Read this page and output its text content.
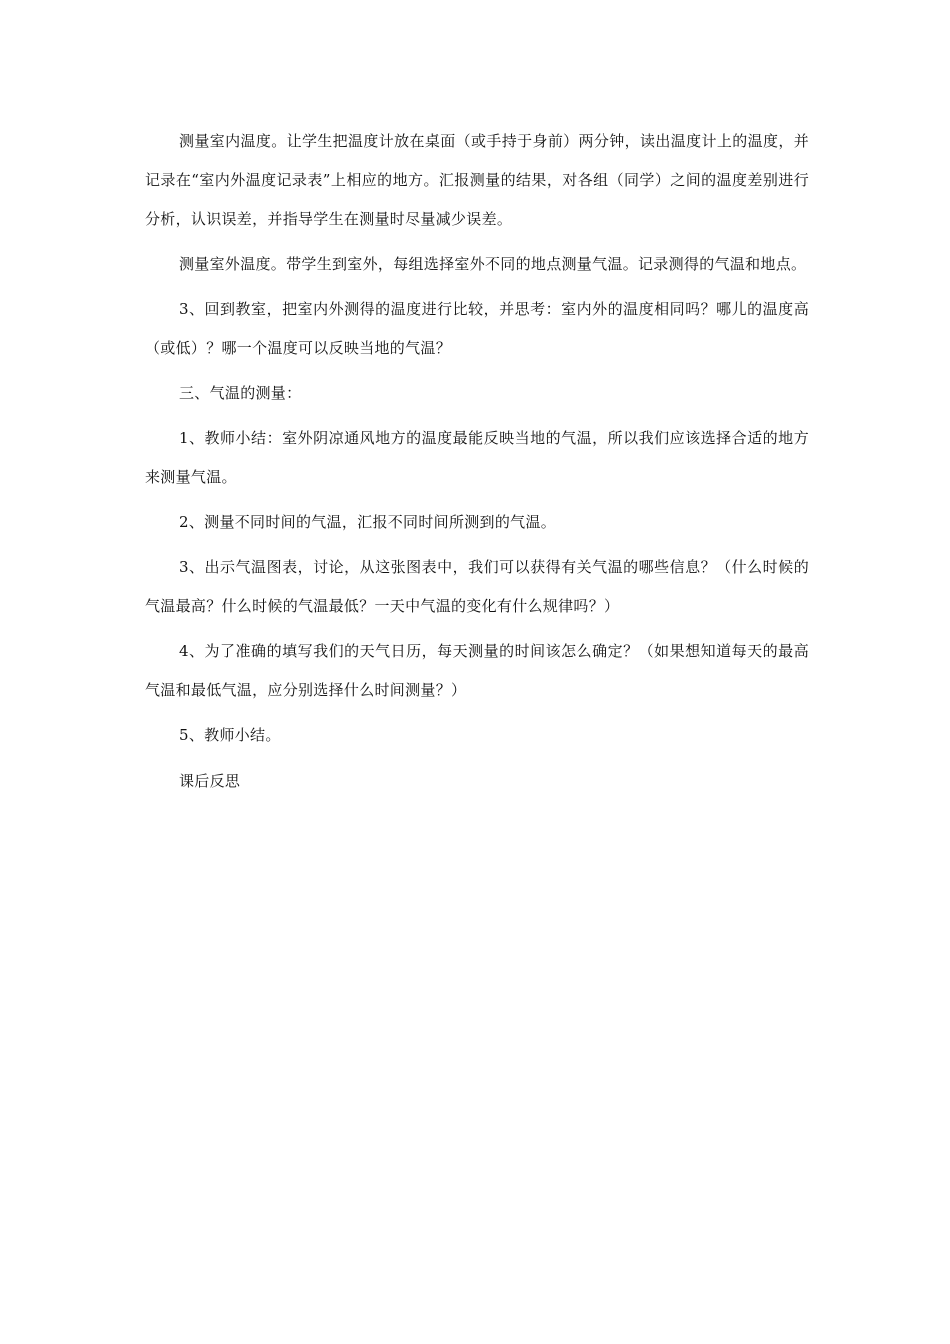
测量室内温度。让学生把温度计放在桌面（或手持于身前）两分钟，读出温度计上的温度，并记录在“室内外温度记录表”上相应的地方。汇报测量的结果，对各组（同学）之间的温度差别进行分析，认识误差，并指导学生在测量时尽量减少误差。

测量室外温度。带学生到室外，每组选择室外不同的地点测量气温。记录测得的气温和地点。

3、回到教室，把室内外测得的温度进行比较，并思考：室内外的温度相同吗？哪儿的温度高（或低）？哪一个温度可以反映当地的气温？

三、气温的测量：

1、教师小结：室外阴凉通风地方的温度最能反映当地的气温，所以我们应该选择合适的地方来测量气温。

2、测量不同时间的气温，汇报不同时间所测到的气温。

3、出示气温图表，讨论，从这张图表中，我们可以获得有关气温的哪些信息？（什么时候的气温最高？什么时候的气温最低？一天中气温的变化有什么规律吗？）

4、为了准确的填写我们的天气日历，每天测量的时间该怎么确定？（如果想知道每天的最高气温和最低气温，应分别选择什么时间测量？）

5、教师小结。

课后反思
